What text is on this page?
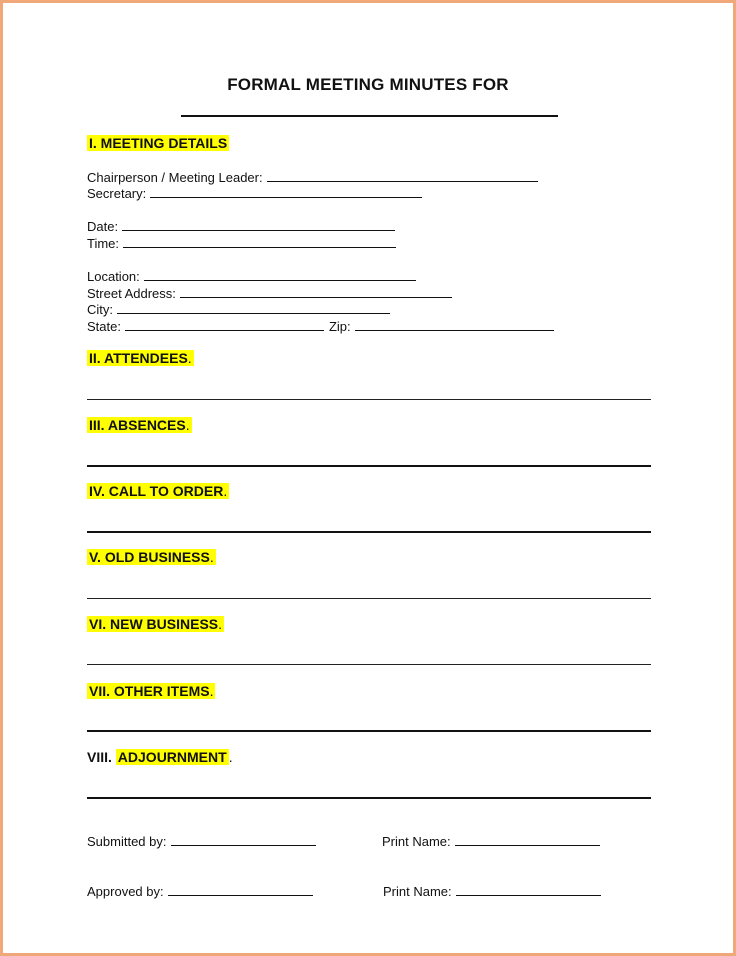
FORMAL MEETING MINUTES FOR
I. MEETING DETAILS
Chairperson / Meeting Leader:
Secretary:
Date:
Time:
Location:
Street Address:
City:
State:	Zip:
II. ATTENDEES.
III. ABSENCES.
IV. CALL TO ORDER.
V. OLD BUSINESS.
VI. NEW BUSINESS.
VII. OTHER ITEMS.
VIII. ADJOURNMENT .
Submitted by:	Print Name:
Approved by:	Print Name:
